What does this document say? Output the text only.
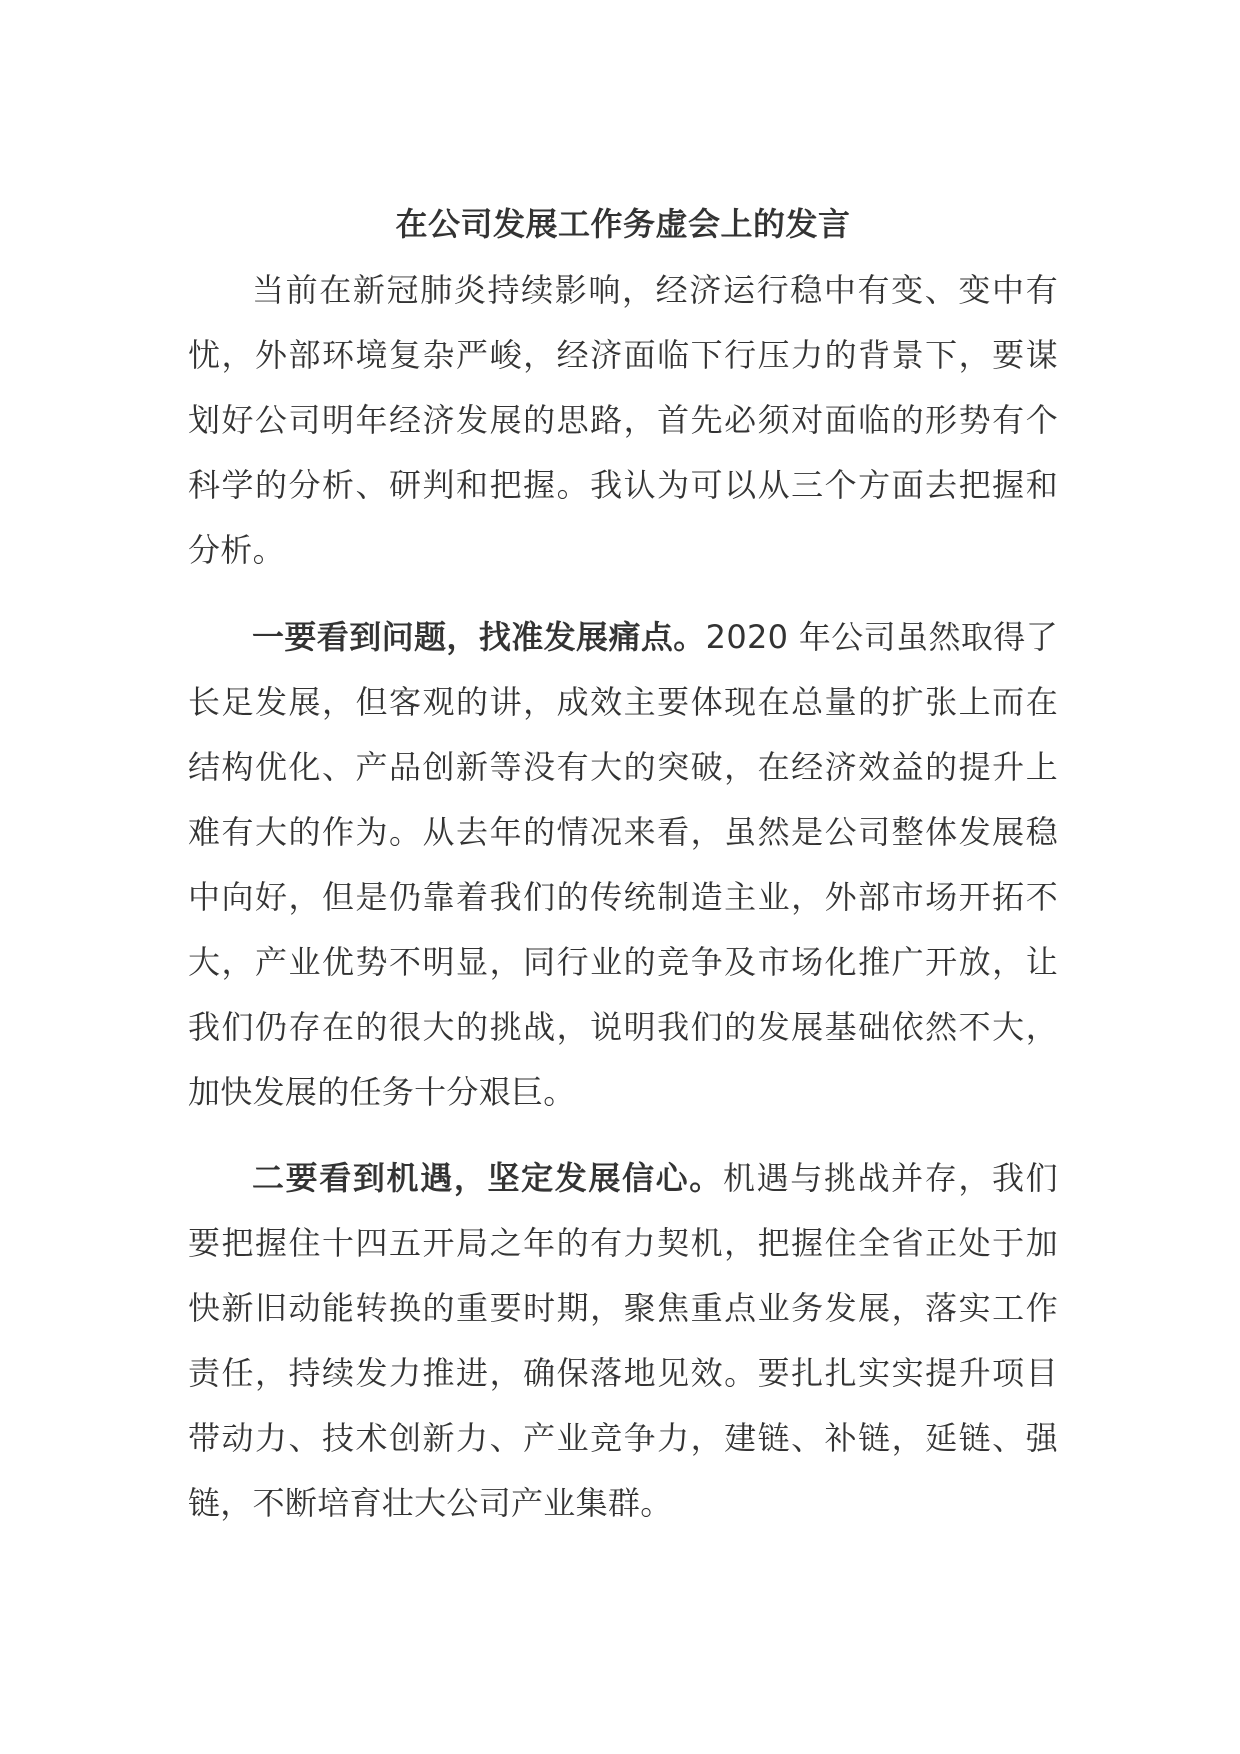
在公司发展工作务虚会上的发言

当前在新冠肺炎持续影响，经济运行稳中有变、变中有忧，外部环境复杂严峻，经济面临下行压力的背景下，要谋划好公司明年经济发展的思路，首先必须对面临的形势有个科学的分析、研判和把握。我认为可以从三个方面去把握和分析。

一要看到问题，找准发展痛点。2020 年公司虽然取得了长足发展，但客观的讲，成效主要体现在总量的扩张上而在结构优化、产品创新等没有大的突破，在经济效益的提升上难有大的作为。从去年的情况来看，虽然是公司整体发展稳中向好，但是仍靠着我们的传统制造主业，外部市场开拓不大，产业优势不明显，同行业的竞争及市场化推广开放，让我们仍存在的很大的挑战，说明我们的发展基础依然不大，加快发展的任务十分艰巨。

二要看到机遇，坚定发展信心。机遇与挑战并存，我们要把握住十四五开局之年的有力契机，把握住全省正处于加快新旧动能转换的重要时期，聚焦重点业务发展，落实工作责任，持续发力推进，确保落地见效。要扎扎实实提升项目带动力、技术创新力、产业竞争力，建链、补链，延链、强链，不断培育壮大公司产业集群。
